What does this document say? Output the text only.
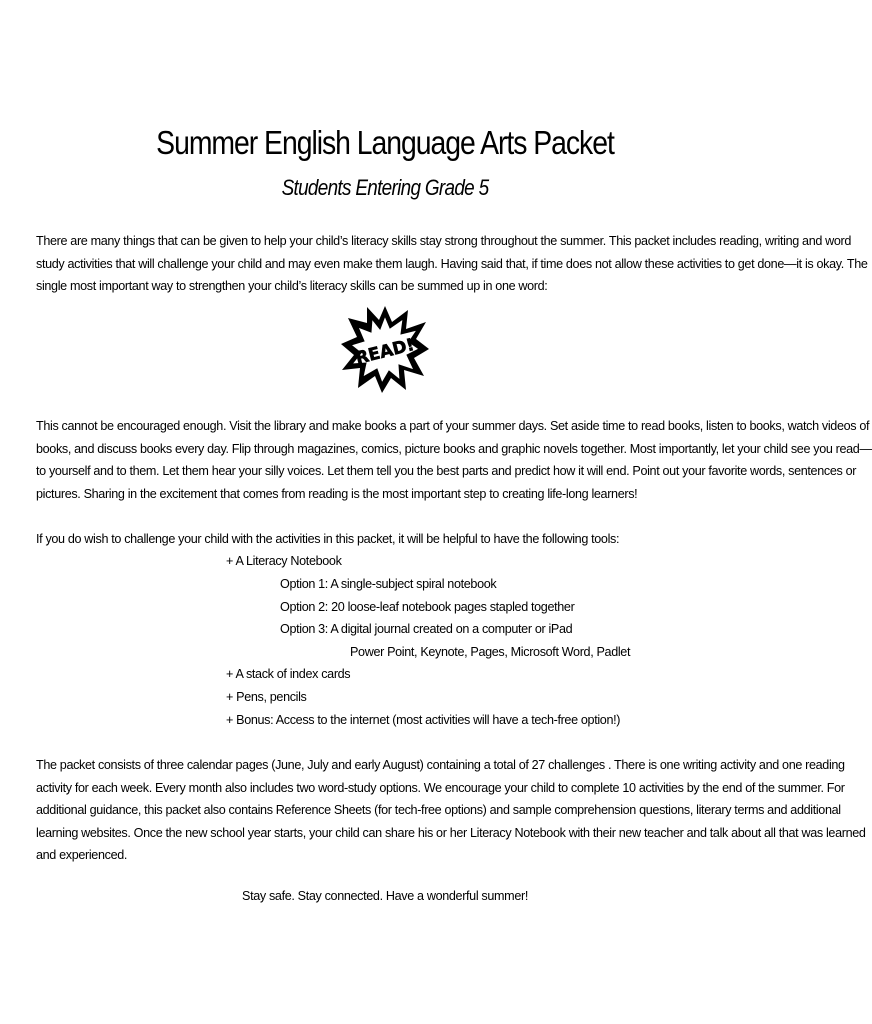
Summer English Language Arts Packet
Students Entering Grade 5
There are many things that can be given to help your child’s literacy skills stay strong throughout the summer. This packet includes reading, writing and word
study activities that will challenge your child and may even make them laugh. Having said that, if time does not allow these activities to get done—it is okay. The
single most important way to strengthen your child’s literacy skills can be summed up in one word:
READ!
This cannot be encouraged enough. Visit the library and make books a part of your summer days. Set aside time to read books, listen to books, watch videos of
books, and discuss books every day. Flip through magazines, comics, picture books and graphic novels together. Most importantly, let your child see you read—
to yourself and to them. Let them hear your silly voices. Let them tell you the best parts and predict how it will end. Point out your favorite words, sentences or
pictures. Sharing in the excitement that comes from reading is the most important step to creating life-long learners!
If you do wish to challenge your child with the activities in this packet, it will be helpful to have the following tools:
+ A Literacy Notebook
Option 1: A single-subject spiral notebook
Option 2: 20 loose-leaf notebook pages stapled together
Option 3: A digital journal created on a computer or iPad
Power Point, Keynote, Pages, Microsoft Word, Padlet
+ A stack of index cards
+ Pens, pencils
+ Bonus: Access to the internet (most activities will have a tech-free option!)
The packet consists of three calendar pages (June, July and early August) containing a total of 27 challenges . There is one writing activity and one reading
activity for each week. Every month also includes two word-study options. We encourage your child to complete 10 activities by the end of the summer. For
additional guidance, this packet also contains Reference Sheets (for tech-free options) and sample comprehension questions, literary terms and additional
learning websites. Once the new school year starts, your child can share his or her Literacy Notebook with their new teacher and talk about all that was learned
and experienced.
Stay safe. Stay connected. Have a wonderful summer!
